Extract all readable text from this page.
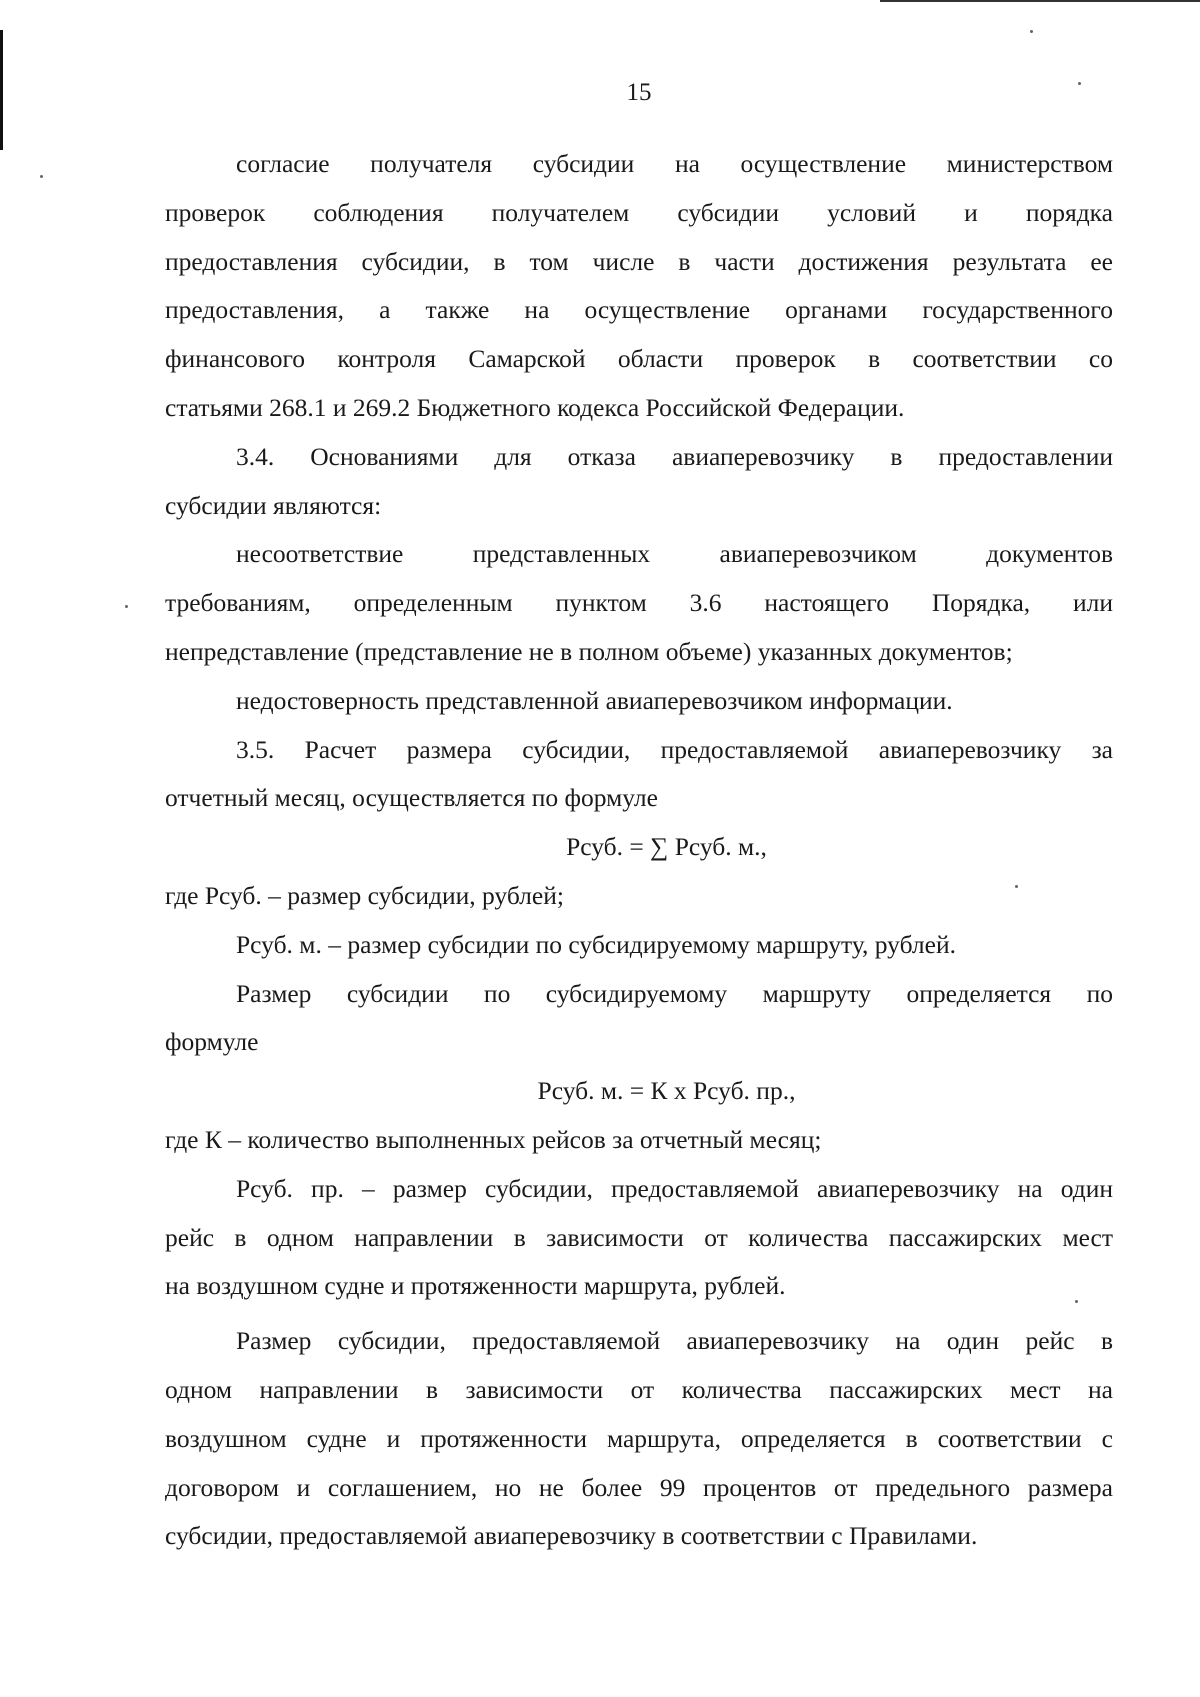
15

согласие получателя субсидии на осуществление министерством
проверок соблюдения получателем субсидии условий и порядка
предоставления субсидии, в том числе в части достижения результата ее
предоставления, а также на осуществление органами государственного
финансового контроля Самарской области проверок в соответствии со
статьями 268.1 и 269.2 Бюджетного кодекса Российской Федерации.

3.4. Основаниями для отказа авиаперевозчику в предоставлении
субсидии являются:

несоответствие представленных авиаперевозчиком документов
требованиям, определенным пунктом 3.6 настоящего Порядка, или
непредставление (представление не в полном объеме) указанных документов;

недостоверность представленной авиаперевозчиком информации.

3.5. Расчет размера субсидии, предоставляемой авиаперевозчику за
отчетный месяц, осуществляется по формуле

Рсуб. = ∑ Рсуб. м.,

где Рсуб. – размер субсидии, рублей;

Рсуб. м. – размер субсидии по субсидируемому маршруту, рублей.

Размер субсидии по субсидируемому маршруту определяется по
формуле

Рсуб. м. = К х Рсуб. пр.,

где К – количество выполненных рейсов за отчетный месяц;

Рсуб. пр. – размер субсидии, предоставляемой авиаперевозчику на один
рейс в одном направлении в зависимости от количества пассажирских мест
на воздушном судне и протяженности маршрута, рублей.

Размер субсидии, предоставляемой авиаперевозчику на один рейс в
одном направлении в зависимости от количества пассажирских мест на
воздушном судне и протяженности маршрута, определяется в соответствии с
договором и соглашением, но не более 99 процентов от предельного размера
субсидии, предоставляемой авиаперевозчику в соответствии с Правилами.
